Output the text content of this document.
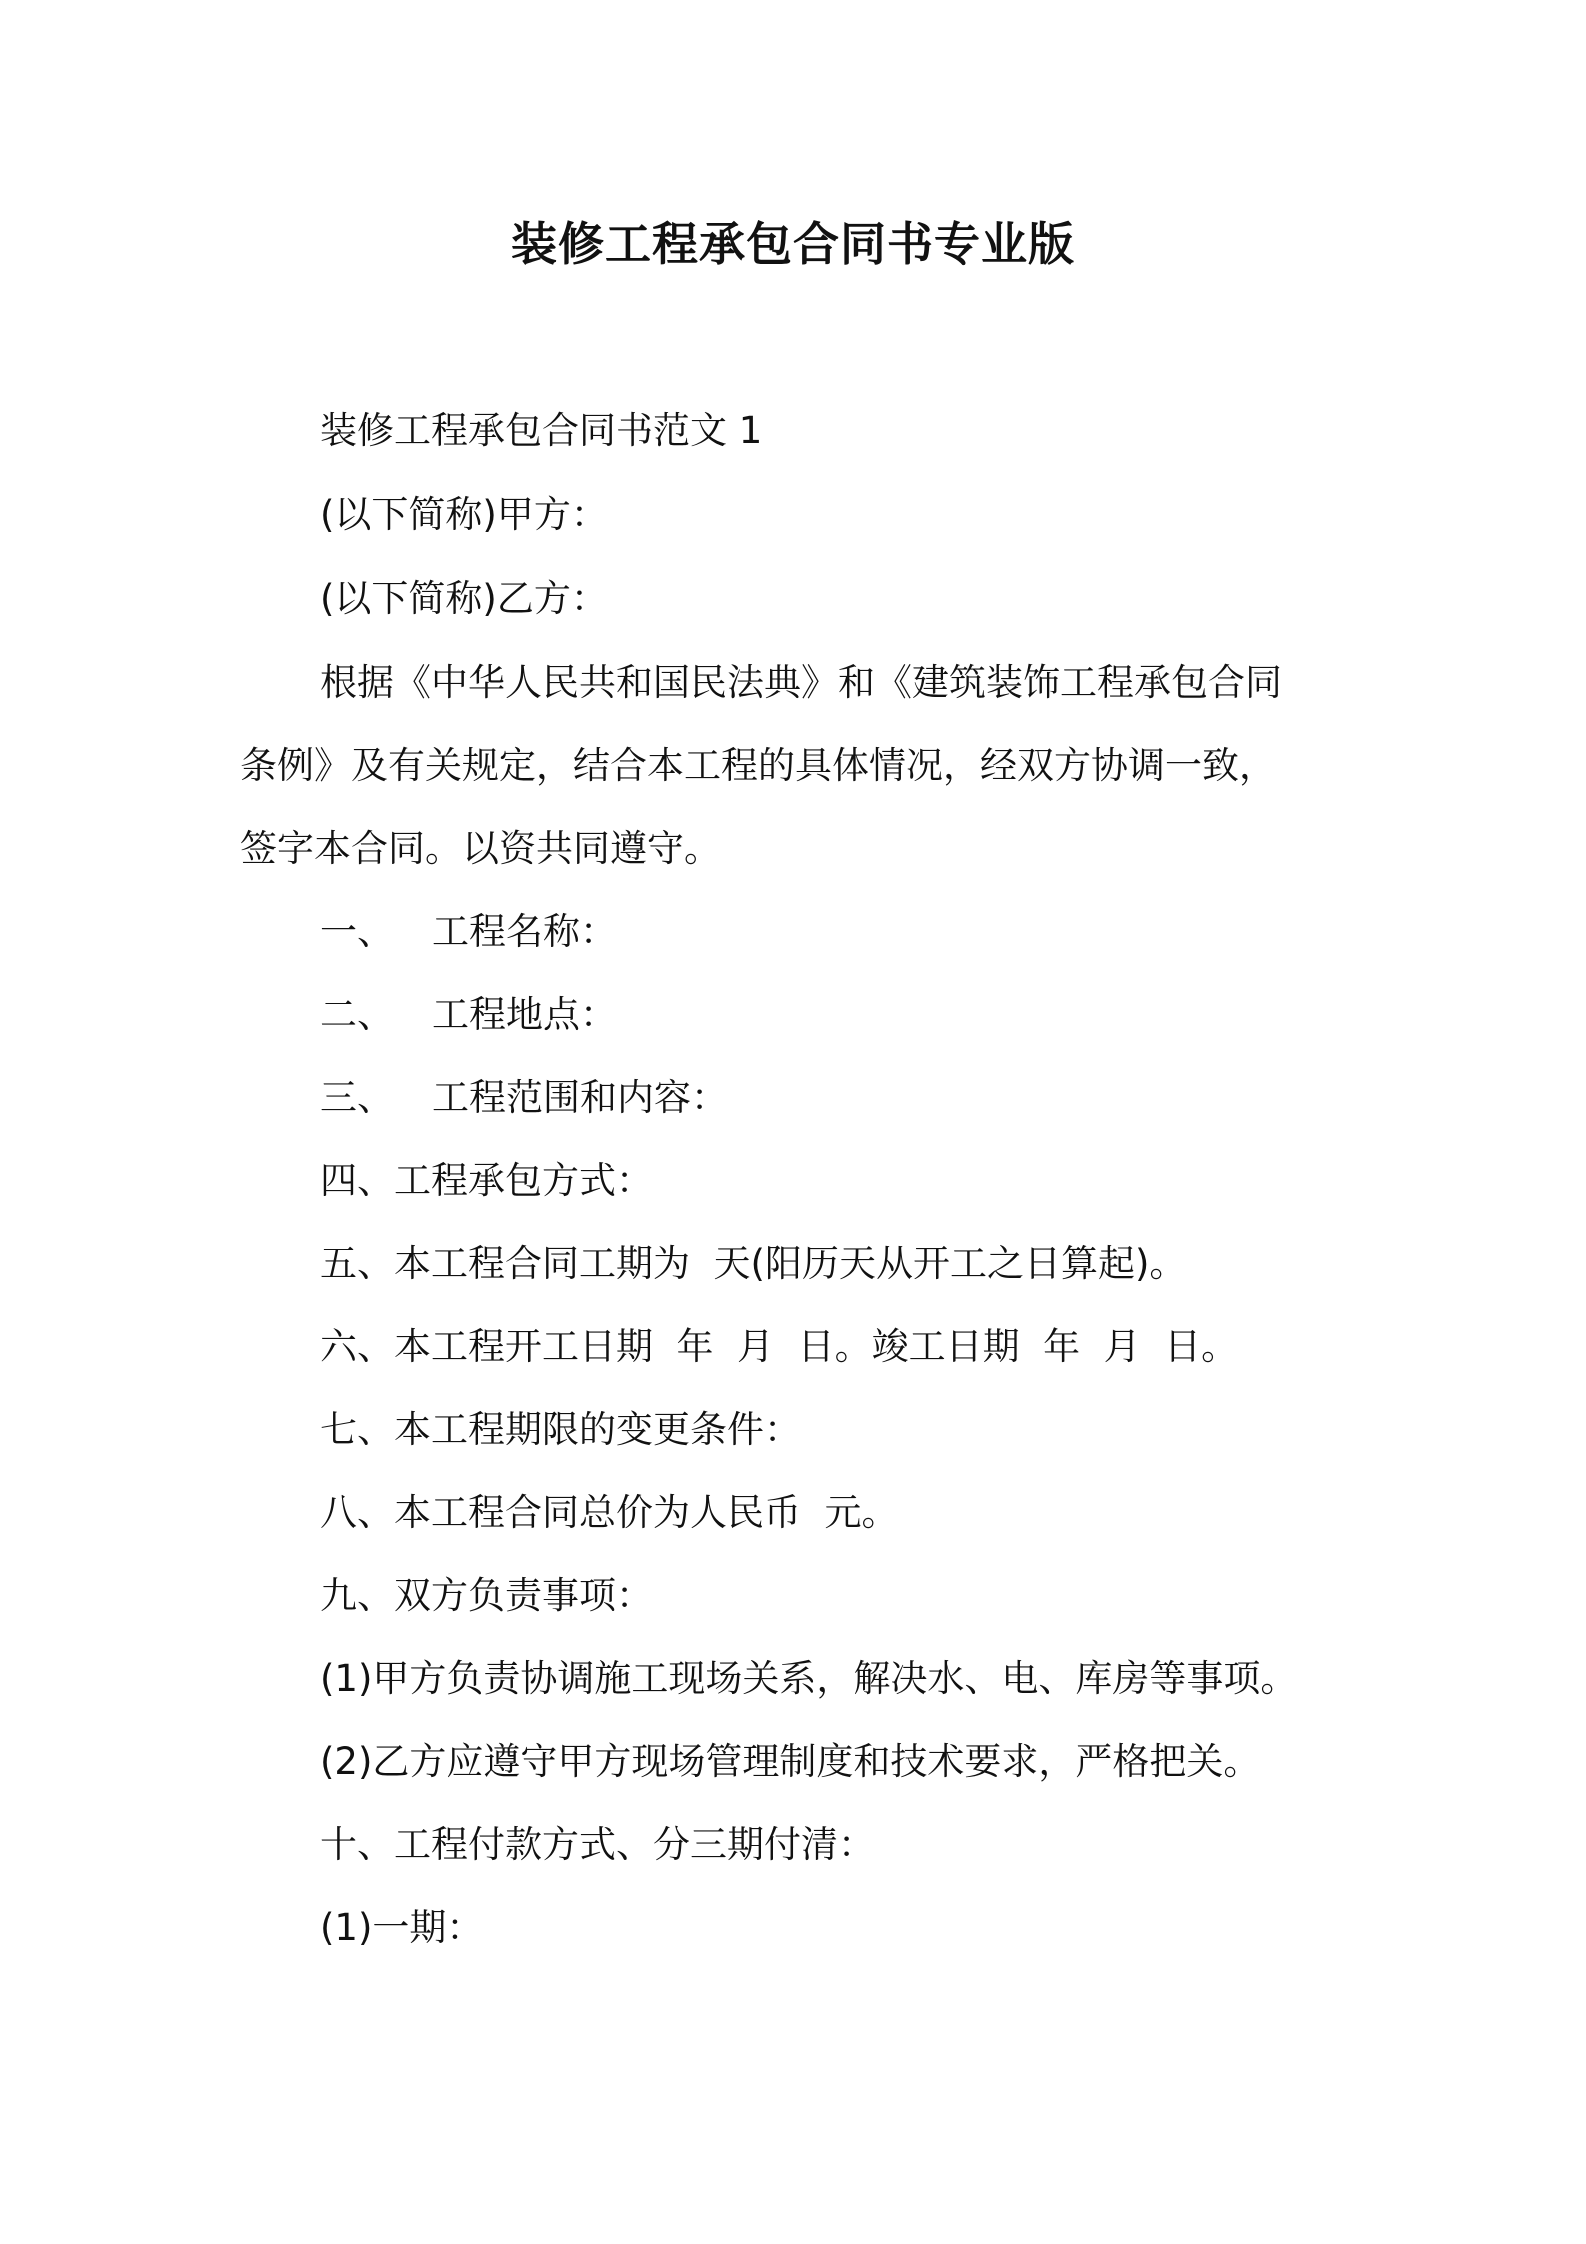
装修工程承包合同书专业版
装修工程承包合同书范文 1
(以下简称)甲方：
(以下简称)乙方：
根据《中华人民共和国民法典》和《建筑装饰工程承包合同
条例》及有关规定，结合本工程的具体情况，经双方协调一致，
签字本合同。以资共同遵守。
一、 工程名称：
二、 工程地点：
三、 工程范围和内容：
四、工程承包方式：
五、本工程合同工期为  天(阳历天从开工之日算起)。
六、本工程开工日期  年  月  日。竣工日期  年  月  日。
七、本工程期限的变更条件：
八、本工程合同总价为人民币  元。
九、双方负责事项：
(1)甲方负责协调施工现场关系，解决水、电、库房等事项。
(2)乙方应遵守甲方现场管理制度和技术要求，严格把关。
十、工程付款方式、分三期付清：
(1)一期：
